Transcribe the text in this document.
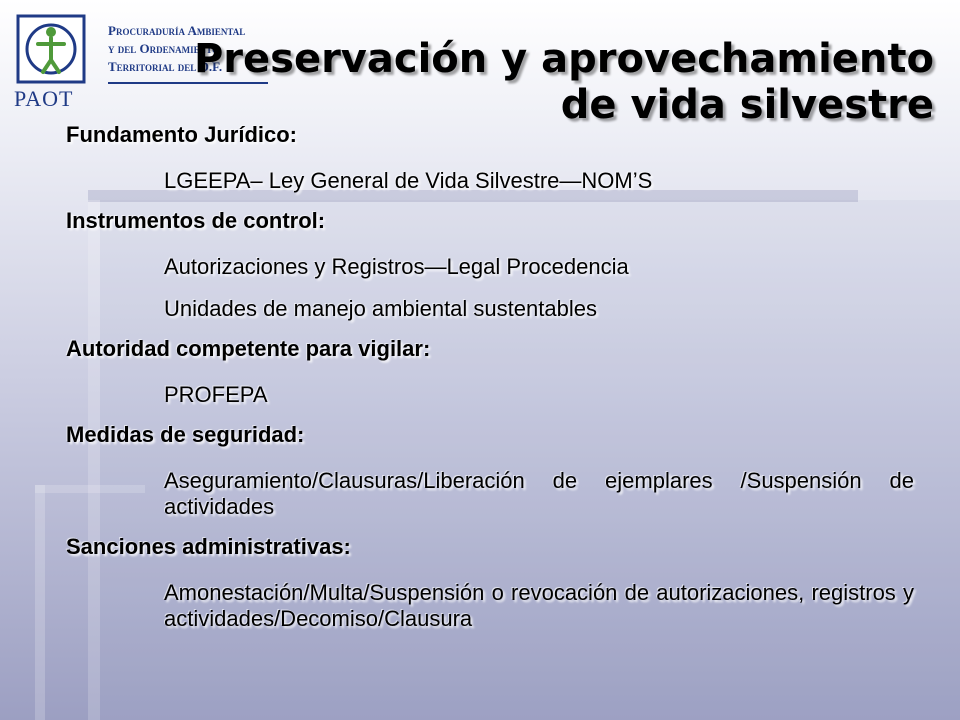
PAOT
Procuraduría Ambiental
y del Ordenamiento
Territorial del D.F.
Preservación y aprovechamiento
de vida silvestre

Fundamento Jurídico:

LGEEPA– Ley General de Vida Silvestre—NOM’S

Instrumentos de control:

Autorizaciones y Registros—Legal Procedencia

Unidades de manejo ambiental sustentables

Autoridad competente para vigilar:

PROFEPA

Medidas de seguridad:

Aseguramiento/Clausuras/Liberación de ejemplares /Suspensión de actividades

Sanciones administrativas:

Amonestación/Multa/Suspensión o revocación de autorizaciones, registros y actividades/Decomiso/Clausura
